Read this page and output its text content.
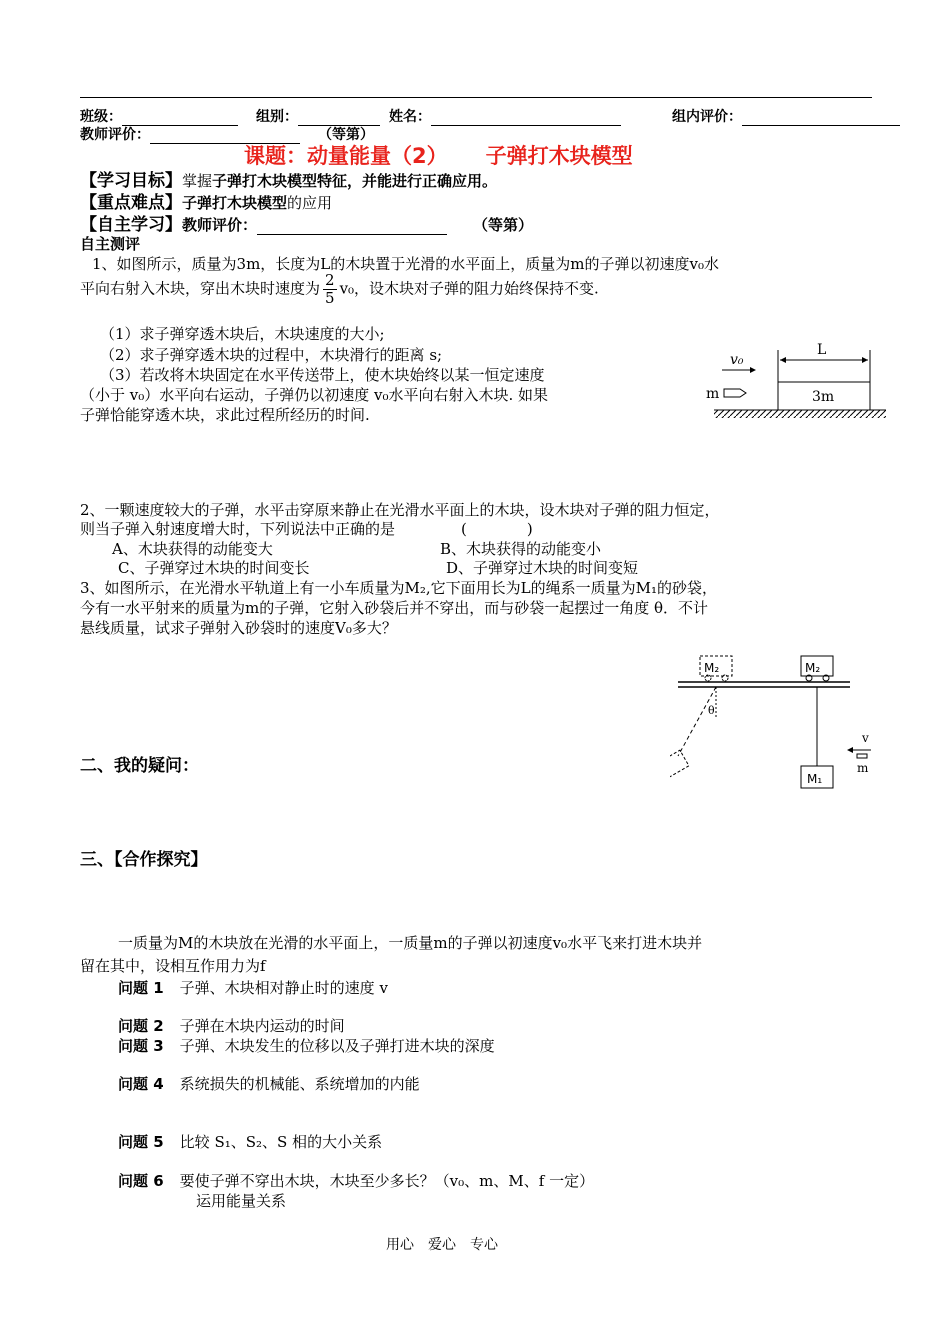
班级：	组别：	姓名：	组内评价：
教师评价：	（等第）
课题：动量能量（2） 子弹打木块模型
【学习目标】掌握子弹打木块模型特征，并能进行正确应用。
【重点难点】子弹打木块模型的应用
【自主学习】教师评价：	（等第）
自主测评
1、如图所示，质量为3m，长度为L的木块置于光滑的水平面上，质量为m的子弹以初速度v₀水
平向右射入木块，穿出木块时速度为 $\frac{2}{5} v_0$，设木块对子弹的阻力始终保持不变.
（1）求子弹穿透木块后，木块速度的大小;
（2）求子弹穿透木块的过程中，木块滑行的距离 s;
（3）若改将木块固定在水平传送带上，使木块始终以某一恒定速度
（小于 v₀）水平向右运动，子弹仍以初速度 v₀水平向右射入木块. 如果
子弹恰能穿透木块，求此过程所经历的时间.
v₀
L
m	3m
2、一颗速度较大的子弹，水平击穿原来静止在光滑水平面上的木块，设木块对子弹的阻力恒定，
则当子弹入射速度增大时，下列说法中正确的是	(　　　　)
A、木块获得的动能变大	B、木块获得的动能变小
C、子弹穿过木块的时间变长	D、子弹穿过木块的时间变短
3、如图所示，在光滑水平轨道上有一小车质量为M₂,它下面用长为L的绳系一质量为M₁的砂袋，
今有一水平射来的质量为m的子弹，它射入砂袋后并不穿出，而与砂袋一起摆过一角度 θ．不计
悬线质量，试求子弹射入砂袋时的速度V₀多大？
M₂	M₂
M₁
θ
v
m
二、我的疑问：
三、【合作探究】
一质量为M的木块放在光滑的水平面上，一质量m的子弹以初速度v₀水平飞来打进木块并
留在其中，设相互作用力为f
问题 1 子弹、木块相对静止时的速度 v
问题 2 子弹在木块内运动的时间
问题 3 子弹、木块发生的位移以及子弹打进木块的深度
问题 4 系统损失的机械能、系统增加的内能
问题 5 比较 S₁、S₂、S 相的大小关系
问题 6 要使子弹不穿出木块，木块至少多长？（v₀、m、M、f 一定）
运用能量关系
用心　爱心　专心
